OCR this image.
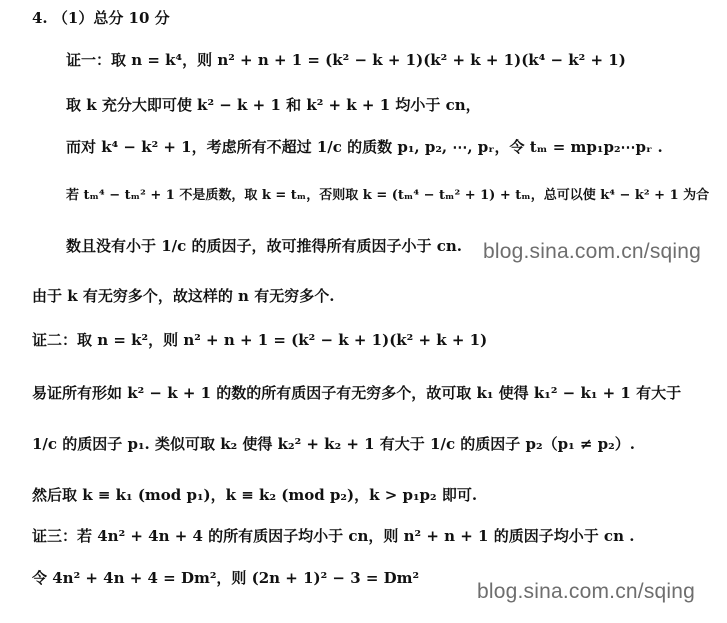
4. （1）总分 10 分
证一：取 n = k⁴，则 n² + n + 1 = (k² − k + 1)(k² + k + 1)(k⁴ − k² + 1)
取 k 充分大即可使 k² − k + 1 和 k² + k + 1 均小于 cn，
而对 k⁴ − k² + 1，考虑所有不超过 1/c 的质数 p₁, p₂, ⋯, pᵣ，令 tₘ = mp₁p₂⋯pᵣ .
若 tₘ⁴ − tₘ² + 1 不是质数，取 k = tₘ，否则取 k = (tₘ⁴ − tₘ² + 1) + tₘ，总可以使 k⁴ − k² + 1 为合
数且没有小于 1/c 的质因子，故可推得所有质因子小于 cn.
由于 k 有无穷多个，故这样的 n 有无穷多个.
证二：取 n = k²，则 n² + n + 1 = (k² − k + 1)(k² + k + 1)
易证所有形如 k² − k + 1 的数的所有质因子有无穷多个，故可取 k₁ 使得 k₁² − k₁ + 1 有大于
1/c 的质因子 p₁. 类似可取 k₂ 使得 k₂² + k₂ + 1 有大于 1/c 的质因子 p₂（p₁ ≠ p₂）.
然后取 k ≡ k₁ (mod p₁)，k ≡ k₂ (mod p₂)，k > p₁p₂ 即可.
证三：若 4n² + 4n + 4 的所有质因子均小于 cn，则 n² + n + 1 的质因子均小于 cn .
令 4n² + 4n + 4 = Dm²，则 (2n + 1)² − 3 = Dm²
blog.sina.com.cn/sqing
blog.sina.com.cn/sqing
